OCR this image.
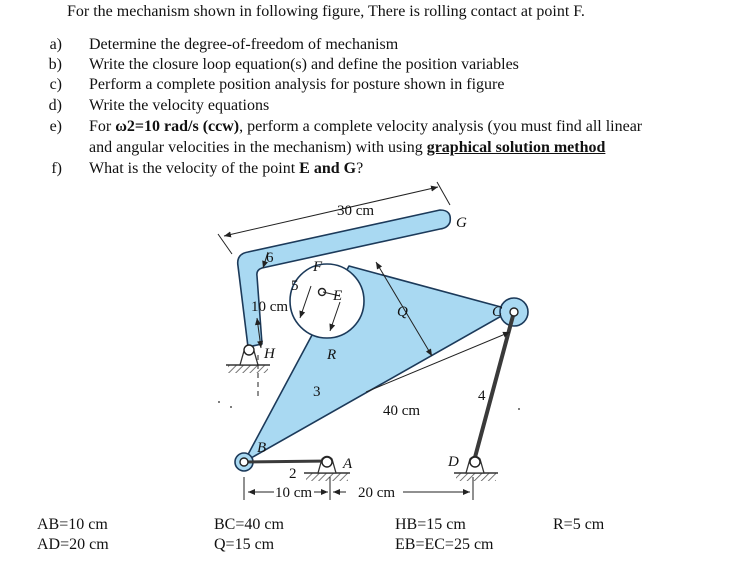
For the mechanism shown in following figure, There is rolling contact at point F.
a) Determine the degree-of-freedom of mechanism
b) Write the closure loop equation(s) and define the position variables
c) Perform a complete position analysis for posture shown in figure
d) Write the velocity equations
e) For ω2=10 rad/s (ccw), perform a complete velocity analysis (you must find all linear
and angular velocities in the mechanism) with using graphical solution method
f) What is the velocity of the point E and G?
30 cm
G
6
5
F
E
10 cm	Q	C
H	R
3	4
40 cm
B
A	D
2
10 cm	20 cm
AB=10 cm
AD=20 cm
BC=40 cm
Q=15 cm
HB=15 cm
EB=EC=25 cm
R=5 cm
